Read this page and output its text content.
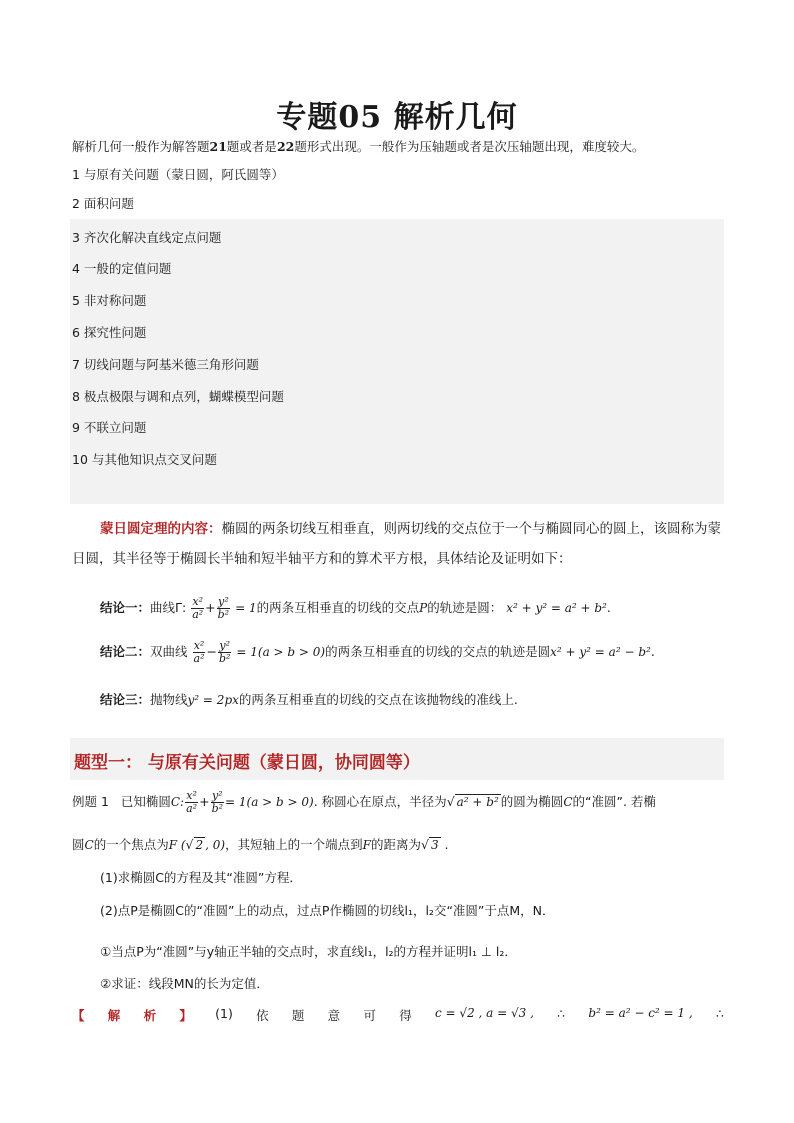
专题05 解析几何
解析几何一般作为解答题21题或者是22题形式出现。一般作为压轴题或者是次压轴题出现，难度较大。
1 与原有关问题（蒙日圆，阿氏圆等）
2 面积问题
3 齐次化解决直线定点问题
4 一般的定值问题
5 非对称问题
6 探究性问题
7 切线问题与阿基米德三角形问题
8 极点极限与调和点列，蝴蝶模型问题
9 不联立问题
10 与其他知识点交叉问题
蒙日圆定理的内容：椭圆的两条切线互相垂直，则两切线的交点位于一个与椭圆同心的圆上，该圆称为蒙日圆，其半径等于椭圆长半轴和短半轴平方和的算术平方根，具体结论及证明如下：
结论一：曲线Γ: $\frac{\text{x²}}{\text{a²}} + \frac{\text{y²}}{\text{b²}} = 1$的两条互相垂直的切线的交点P的轨迹是圆： x² + y² = a² + b².
结论二：双曲线 $\frac{\text{x²}}{\text{a²}} - \frac{\text{y²}}{\text{b²}} = 1(a > b > 0)$的两条互相垂直的切线的交点的轨迹是圆x² + y² = a² − b².
结论三：抛物线y² = 2px的两条互相垂直的切线的交点在该抛物线的准线上.
题型一： 与原有关问题（蒙日圆，协同圆等）
例题 1 已知椭圆C: $\frac{\text{x²}}{\text{a²}} + \frac{\text{y²}}{\text{b²}} = 1(a > b > 0)$. 称圆心在原点，半径为√ a² + b² 的圆为椭圆C的“准圆”. 若椭
圆C的一个焦点为F (√ 2 , 0)，其短轴上的一个端点到F的距离为√ 3 .
(1)求椭圆C的方程及其“准圆”方程．
(2)点P是椭圆C的“准圆”上的动点，过点P作椭圆的切线l₁，l₂交“准圆”于点M，N．
①当点P为“准圆”与y轴正半轴的交点时，求直线l₁，l₂的方程并证明l₁ ⊥ l₂．
②求证：线段MN的长为定值．
【 解 析 】 (1) 依 题 意 可 得 c = √2 , a = √3 , ∴ b² = a² − c² = 1 , ∴
